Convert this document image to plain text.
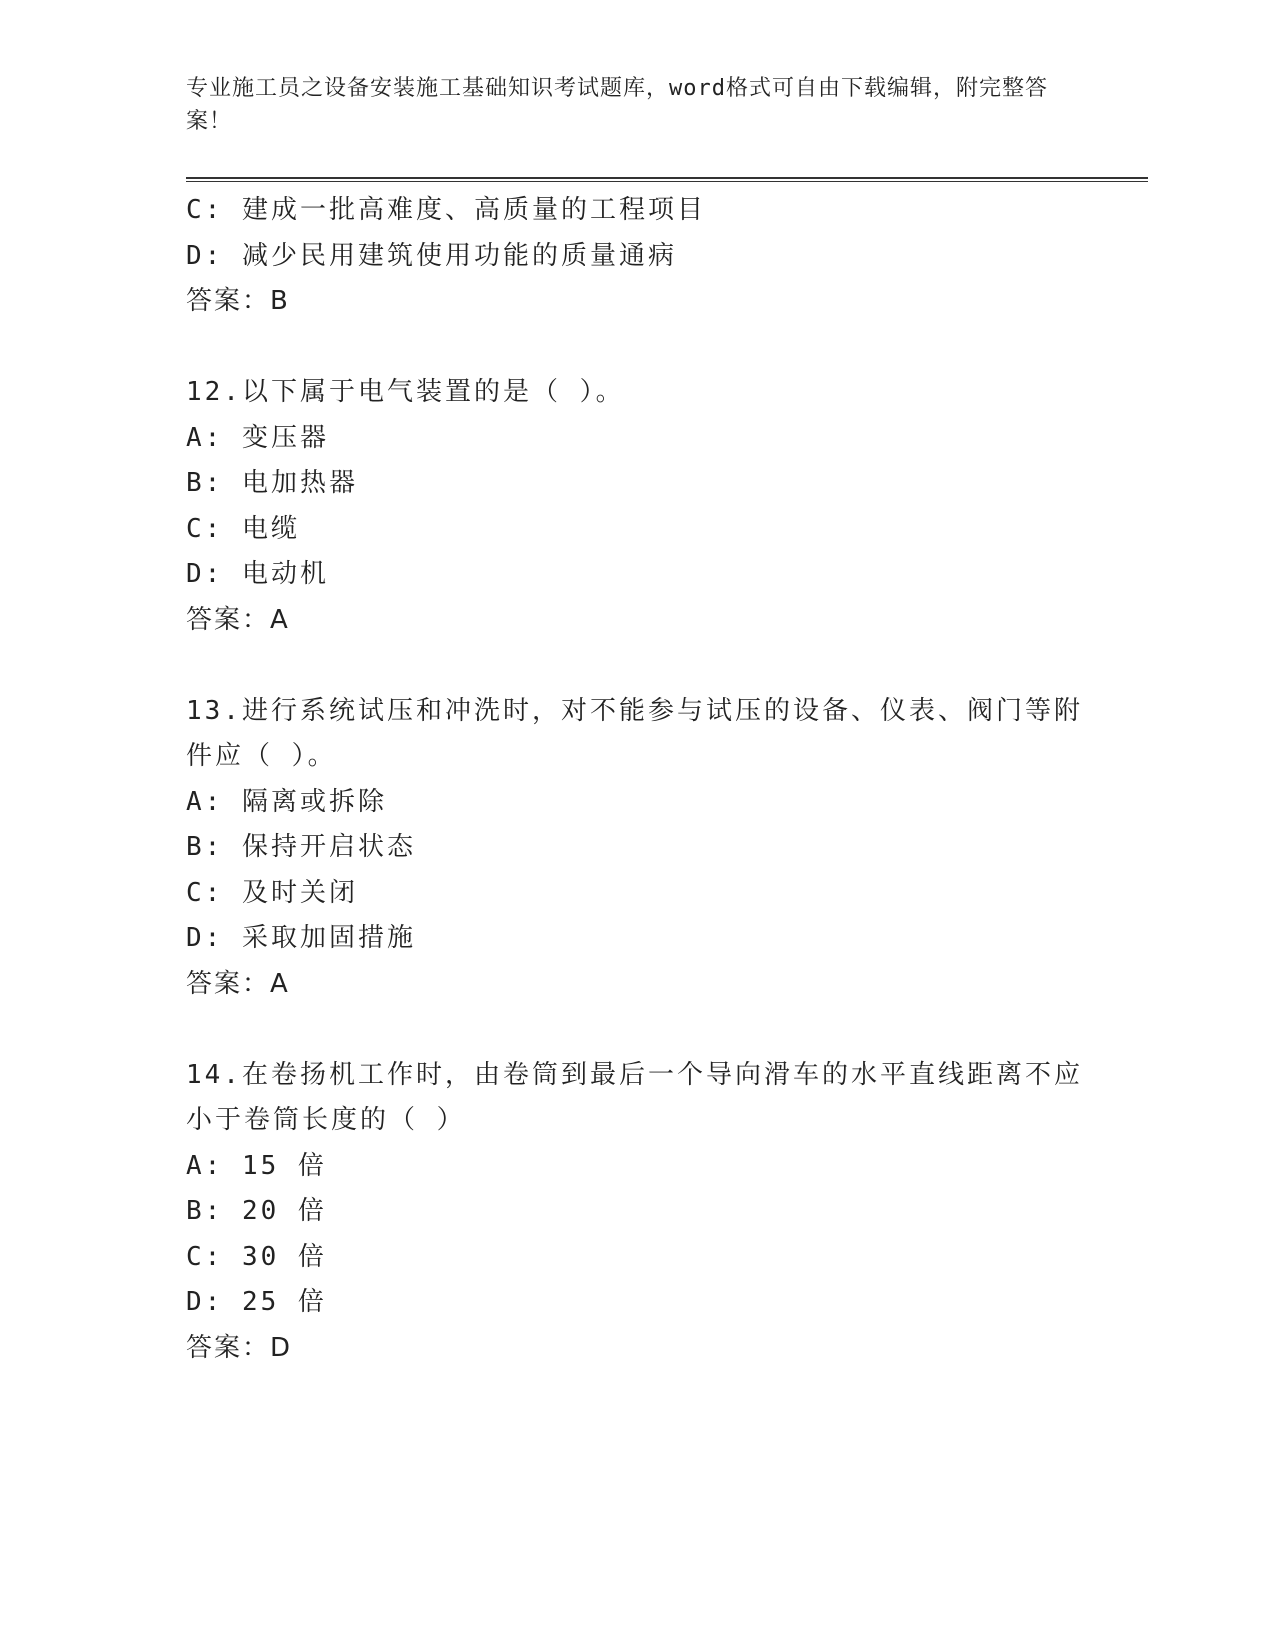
专业施工员之设备安装施工基础知识考试题库，word格式可自由下载编辑，附完整答案！
C: 建成一批高难度、高质量的工程项目
D: 减少民用建筑使用功能的质量通病
答案：B
12.以下属于电气装置的是（ ）。
A: 变压器
B: 电加热器
C: 电缆
D: 电动机
答案：A
13.进行系统试压和冲洗时，对不能参与试压的设备、仪表、阀门等附
件应（ ）。
A: 隔离或拆除
B: 保持开启状态
C: 及时关闭
D: 采取加固措施
答案：A
14.在卷扬机工作时，由卷筒到最后一个导向滑车的水平直线距离不应
小于卷筒长度的（ ）
A: 15 倍
B: 20 倍
C: 30 倍
D: 25 倍
答案：D
